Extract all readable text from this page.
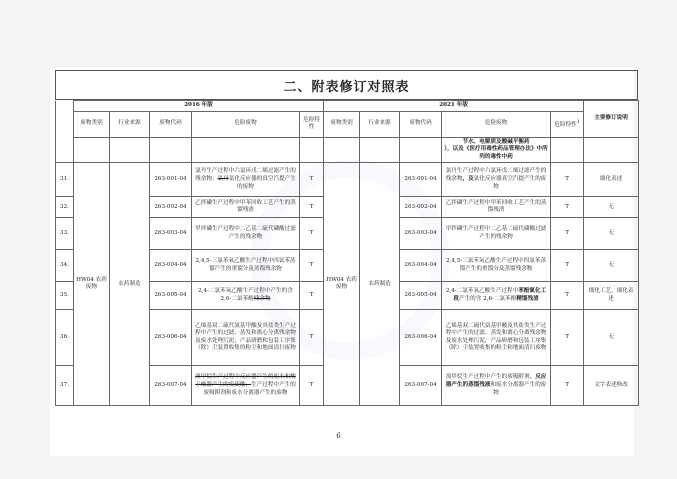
二、附表修订对照表
	2016 年版					2021 年版					主要修订说明
	废物类别	行业来源	废物代码	危险废物	危险特性	废物类别	行业来源	废物代码	危险废物	危险特性$^1$
									节水、电解质及酸碱平衡药
），以及《医疗用毒性药品管理办法》中所列的毒性中药		
31.	HW04 农药废物	农药制造	263-001-04	氯丹生产过程中六氯环戊二烯过滤产生的残余物；氯丹氯化反应器的真空汽提产生的废物	T	HW04 农药废物	农药制造	263-001-04	氯丹生产过程中六氯环戊二烯过滤产生的残余物，及氯化反应器真空汽提产生的废物	T	细化表述
32.			263-002-04	乙拌磷生产过程中甲苯回收工艺产生的蒸馏残渣	T			263-002-04	乙拌磷生产过程中甲苯回收工艺产生的蒸馏残渣	T	无
33.			263-003-04	甲拌磷生产过程中二乙基二硫代磷酸过滤产生的残余物	T			263-003-04	甲拌磷生产过程中二乙基二硫代磷酸过滤产生的残余物	T	无
34.			263-004-04	2,4,5-三氯苯氧乙酸生产过程中四氯苯蒸馏产生的重馏分及蒸馏残余物	T			263-004-04	2,4,5-三氯苯氧乙酸生产过程中四氯苯蒸馏产生的重馏分及蒸馏残余物	T	无
35.			263-005-04	2,4-二氯苯氧乙酸生产过程中产生的含 2,6-二氯苯酚残余物	T			263-005-04	2,4-二氯苯氧乙酸生产过程中苯酚氯化工段产生的含 2,6-二氯苯酚精馏残渣	T	细化工艺，细化表述
36.			263-006-04	乙烯基双二硫代氨基甲酸及其盐类生产过程中产生的过滤、蒸发和离心分离残余物及废水处理污泥；产品研磨和包装工序集（除）尘装置收集的粉尘和地面清扫废物	T			263-006-04	乙烯基双二硫代氨基甲酸及其盐类生产过程中产生的过滤、蒸发和离心分离残余物及废水处理污泥，产品研磨和包装工序集（除）尘装置收集的粉尘和地面清扫废物	T	无
37.			263-007-04	溴甲烷生产过程中反应器产生的废水和酸干燥器产生的废硫酸；生产过程中产生的废吸附剂和废水分离器产生的废物	T			263-007-04	溴甲烷生产过程中产生的废吸附剂、反应器产生的蒸馏残液和废水分离器产生的废物	T	文字表述修改
6
